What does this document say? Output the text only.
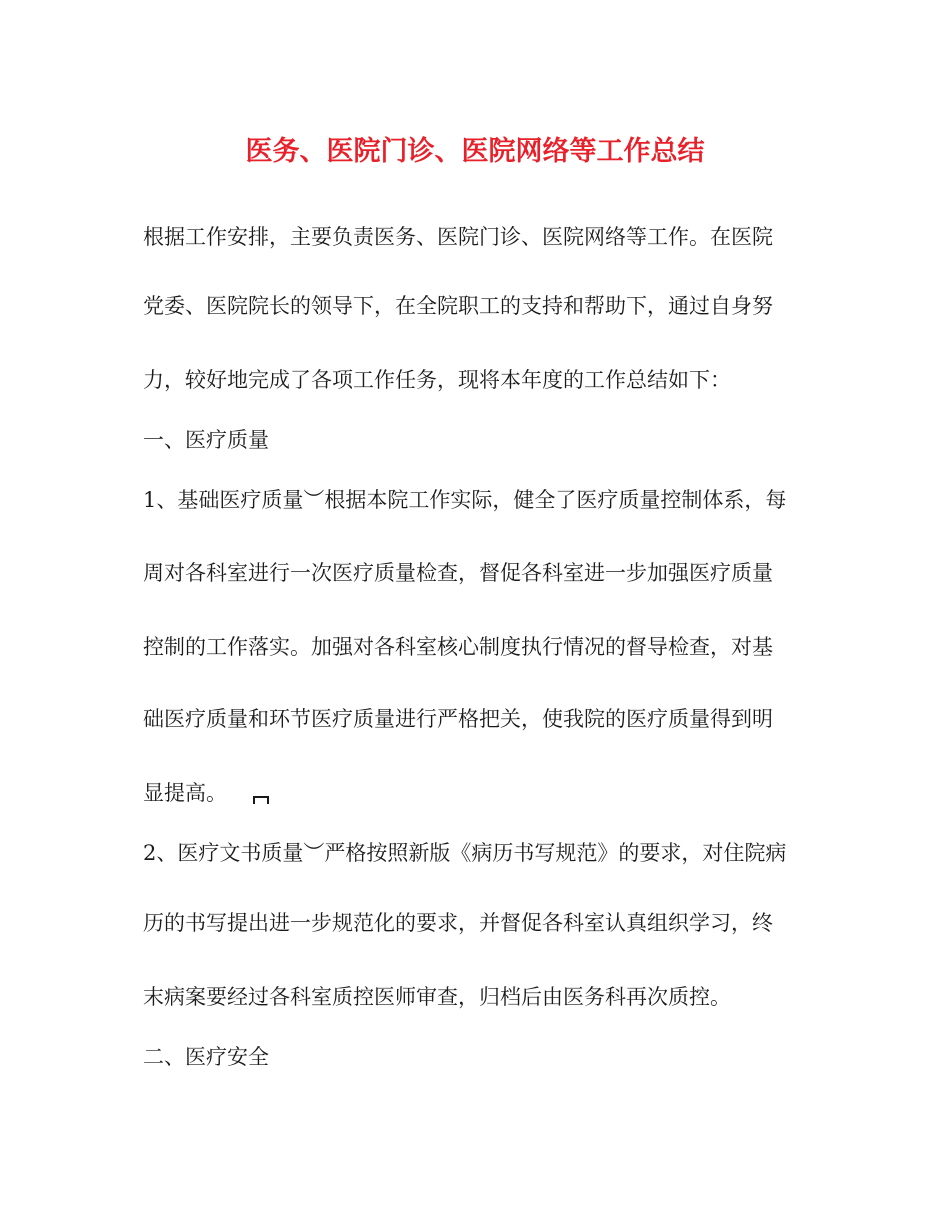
医务、医院门诊、医院网络等工作总结

根据工作安排，主要负责医务、医院门诊、医院网络等工作。在医院

党委、医院院长的领导下，在全院职工的支持和帮助下，通过自身努

力，较好地完成了各项工作任务，现将本年度的工作总结如下：

一、医疗质量

1、基础医疗质量︶根据本院工作实际，健全了医疗质量控制体系，每

周对各科室进行一次医疗质量检查，督促各科室进一步加强医疗质量

控制的工作落实。加强对各科室核心制度执行情况的督导检查，对基

础医疗质量和环节医疗质量进行严格把关，使我院的医疗质量得到明

显提高。

2、医疗文书质量︶严格按照新版《病历书写规范》的要求，对住院病

历的书写提出进一步规范化的要求，并督促各科室认真组织学习，终

末病案要经过各科室质控医师审查，归档后由医务科再次质控。

二、医疗安全
